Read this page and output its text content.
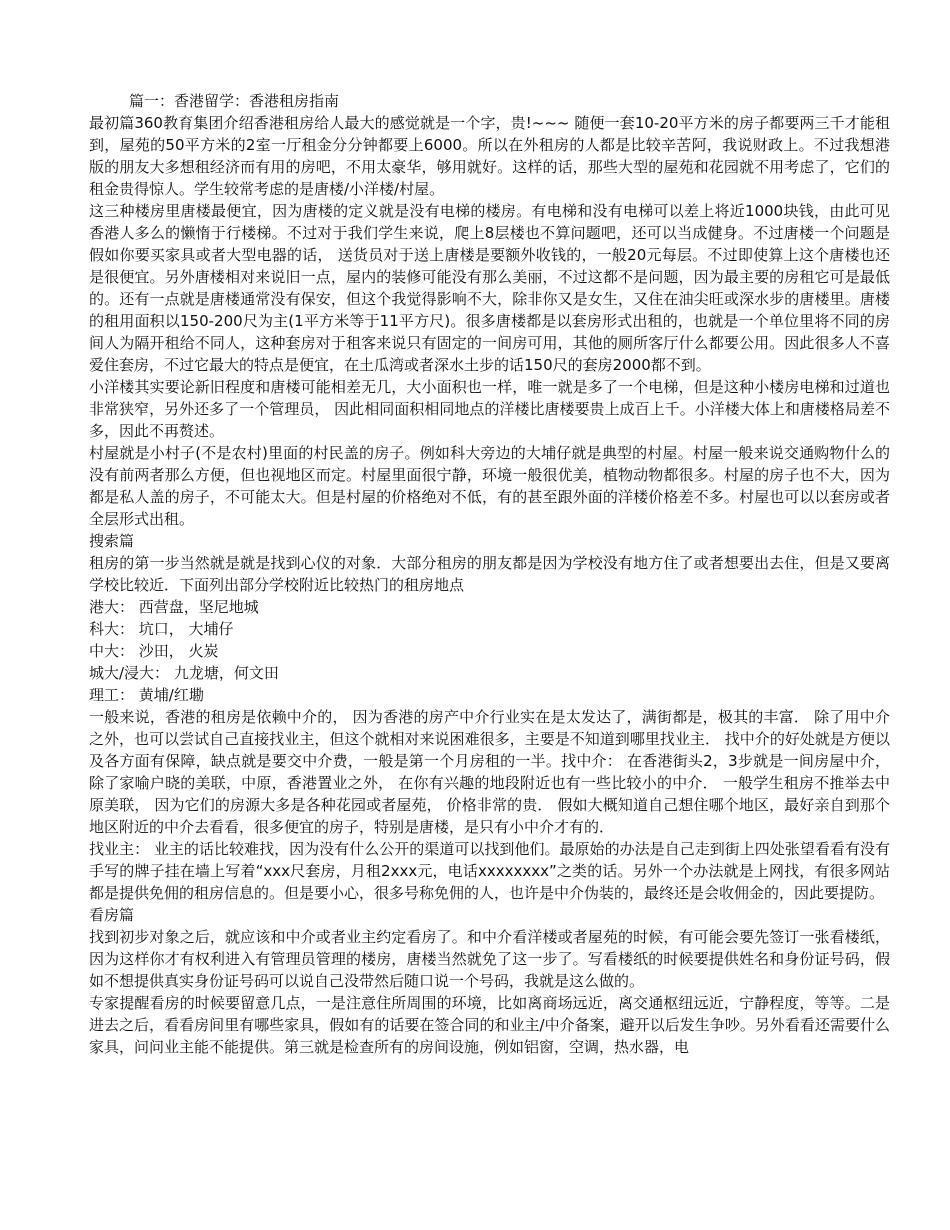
篇一：香港留学：香港租房指南

最初篇360教育集团介绍香港租房给人最大的感觉就是一个字，贵!~~~ 随便一套10-20平方米的房子都要两三千才能租到，屋苑的50平方米的2室一厅租金分分钟都要上6000。所以在外租房的人都是比较辛苦阿，我说财政上。不过我想港版的朋友大多想租经济而有用的房吧，不用太豪华，够用就好。这样的话，那些大型的屋苑和花园就不用考虑了，它们的租金贵得惊人。学生较常考虑的是唐楼/小洋楼/村屋。

这三种楼房里唐楼最便宜，因为唐楼的定义就是没有电梯的楼房。有电梯和没有电梯可以差上将近1000块钱，由此可见香港人多么的懒惰于行楼梯。不过对于我们学生来说，爬上8层楼也不算问题吧，还可以当成健身。不过唐楼一个问题是假如你要买家具或者大型电器的话， 送货员对于送上唐楼是要额外收钱的，一般20元每层。不过即使算上这个唐楼也还是很便宜。另外唐楼相对来说旧一点，屋内的装修可能没有那么美丽，不过这都不是问题，因为最主要的房租它可是最低的。还有一点就是唐楼通常没有保安，但这个我觉得影响不大，除非你又是女生，又住在油尖旺或深水步的唐楼里。唐楼的租用面积以150-200尺为主(1平方米等于11平方尺)。很多唐楼都是以套房形式出租的，也就是一个单位里将不同的房间人为隔开租给不同人，这种套房对于租客来说只有固定的一间房可用，其他的厕所客厅什么都要公用。因此很多人不喜爱住套房，不过它最大的特点是便宜，在土瓜湾或者深水土步的话150尺的套房2000都不到。

小洋楼其实要论新旧程度和唐楼可能相差无几，大小面积也一样，唯一就是多了一个电梯，但是这种小楼房电梯和过道也非常狭窄，另外还多了一个管理员， 因此相同面积相同地点的洋楼比唐楼要贵上成百上千。小洋楼大体上和唐楼格局差不多，因此不再赘述。

村屋就是小村子(不是农村)里面的村民盖的房子。例如科大旁边的大埔仔就是典型的村屋。村屋一般来说交通购物什么的没有前两者那么方便，但也视地区而定。村屋里面很宁静，环境一般很优美，植物动物都很多。村屋的房子也不大，因为都是私人盖的房子，不可能太大。但是村屋的价格绝对不低，有的甚至跟外面的洋楼价格差不多。村屋也可以以套房或者全层形式出租。

搜索篇

租房的第一步当然就是就是找到心仪的对象．大部分租房的朋友都是因为学校没有地方住了或者想要出去住，但是又要离学校比较近．下面列出部分学校附近比较热门的租房地点

港大： 西营盘，坚尼地城

科大： 坑口， 大埔仔

中大： 沙田， 火炭

城大/浸大： 九龙塘，何文田

理工： 黄埔/红墈

一般来说，香港的租房是依赖中介的， 因为香港的房产中介行业实在是太发达了，满街都是，极其的丰富． 除了用中介之外，也可以尝试自己直接找业主，但这个就相对来说困难很多，主要是不知道到哪里找业主． 找中介的好处就是方便以及各方面有保障，缺点就是要交中介费，一般是第一个月房租的一半。找中介： 在香港街头2，3步就是一间房屋中介， 除了家喻户晓的美联，中原，香港置业之外， 在你有兴趣的地段附近也有一些比较小的中介． 一般学生租房不推举去中原美联， 因为它们的房源大多是各种花园或者屋苑， 价格非常的贵． 假如大概知道自己想住哪个地区，最好亲自到那个地区附近的中介去看看，很多便宜的房子，特别是唐楼，是只有小中介才有的．

找业主： 业主的话比较难找，因为没有什么公开的渠道可以找到他们。最原始的办法是自己走到街上四处张望看看有没有手写的牌子挂在墙上写着“xxx尺套房，月租2xxx元，电话xxxxxxxx”之类的话。另外一个办法就是上网找，有很多网站都是提供免佣的租房信息的。但是要小心，很多号称免佣的人，也许是中介伪装的，最终还是会收佣金的，因此要提防。

看房篇

找到初步对象之后，就应该和中介或者业主约定看房了。和中介看洋楼或者屋苑的时候，有可能会要先签订一张看楼纸，因为这样你才有权利进入有管理员管理的楼房，唐楼当然就免了这一步了。写看楼纸的时候要提供姓名和身份证号码，假如不想提供真实身份证号码可以说自己没带然后随口说一个号码，我就是这么做的。

专家提醒看房的时候要留意几点，一是注意住所周围的环境，比如离商场远近，离交通枢纽远近，宁静程度，等等。二是进去之后，看看房间里有哪些家具，假如有的话要在签合同的和业主/中介备案，避开以后发生争吵。另外看看还需要什么家具，问问业主能不能提供。第三就是检查所有的房间设施，例如铝窗，空调，热水器，电
